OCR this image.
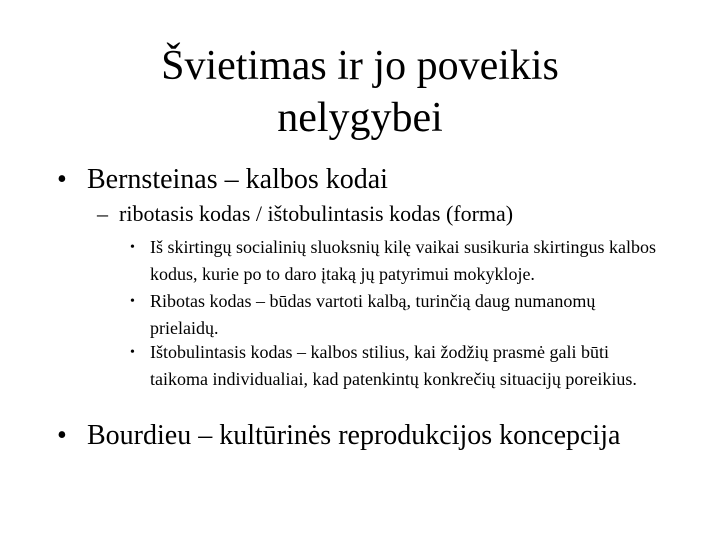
Švietimas ir jo poveikis
nelygybei
• Bernsteinas – kalbos kodai
– ribotasis kodas / ištobulintasis kodas (forma)
• Iš skirtingų socialinių sluoksnių kilę vaikai susikuria skirtingus kalbos kodus, kurie po to daro įtaką jų patyrimui mokykloje.
• Ribotas kodas – būdas vartoti kalbą, turinčią daug numanomų prielaidų.
• Ištobulintasis kodas – kalbos stilius, kai žodžių prasmė gali būti taikoma individualiai, kad patenkintų konkrečių situacijų poreikius.
• Bourdieu – kultūrinės reprodukcijos koncepcija
